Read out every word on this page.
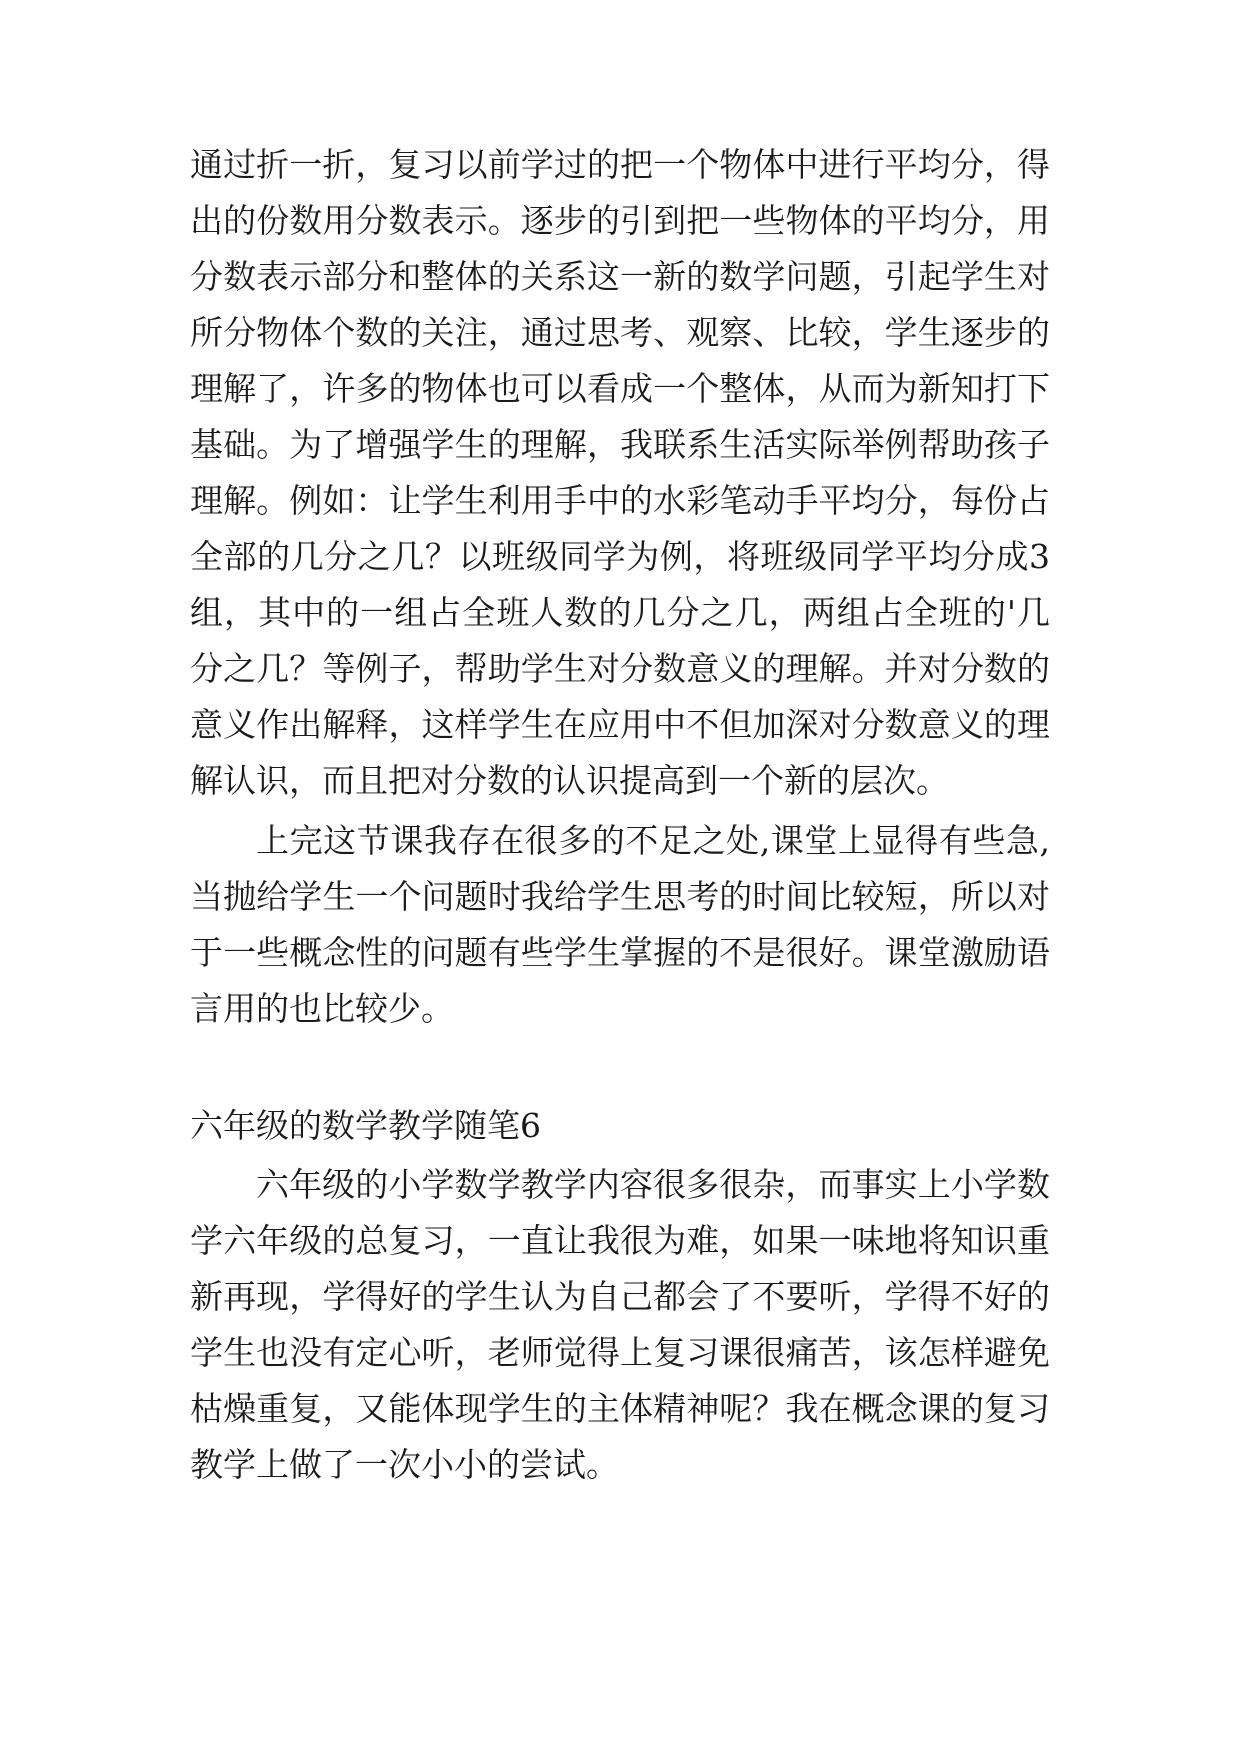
通过折一折，复习以前学过的把一个物体中进行平均分，得
出的份数用分数表示。逐步的引到把一些物体的平均分，用
分数表示部分和整体的关系这一新的数学问题，引起学生对
所分物体个数的关注，通过思考、观察、比较，学生逐步的
理解了，许多的物体也可以看成一个整体，从而为新知打下
基础。为了增强学生的理解，我联系生活实际举例帮助孩子
理解。例如：让学生利用手中的水彩笔动手平均分，每份占
全部的几分之几？以班级同学为例，将班级同学平均分成3
组，其中的一组占全班人数的几分之几，两组占全班的'几
分之几？等例子，帮助学生对分数意义的理解。并对分数的
意义作出解释，这样学生在应用中不但加深对分数意义的理
解认识，而且把对分数的认识提高到一个新的层次。
上完这节课我存在很多的不足之处,课堂上显得有些急,
当抛给学生一个问题时我给学生思考的时间比较短，所以对
于一些概念性的问题有些学生掌握的不是很好。课堂激励语
言用的也比较少。
六年级的数学教学随笔6
六年级的小学数学教学内容很多很杂，而事实上小学数
学六年级的总复习，一直让我很为难，如果一味地将知识重
新再现，学得好的学生认为自己都会了不要听，学得不好的
学生也没有定心听，老师觉得上复习课很痛苦，该怎样避免
枯燥重复，又能体现学生的主体精神呢？我在概念课的复习
教学上做了一次小小的尝试。
